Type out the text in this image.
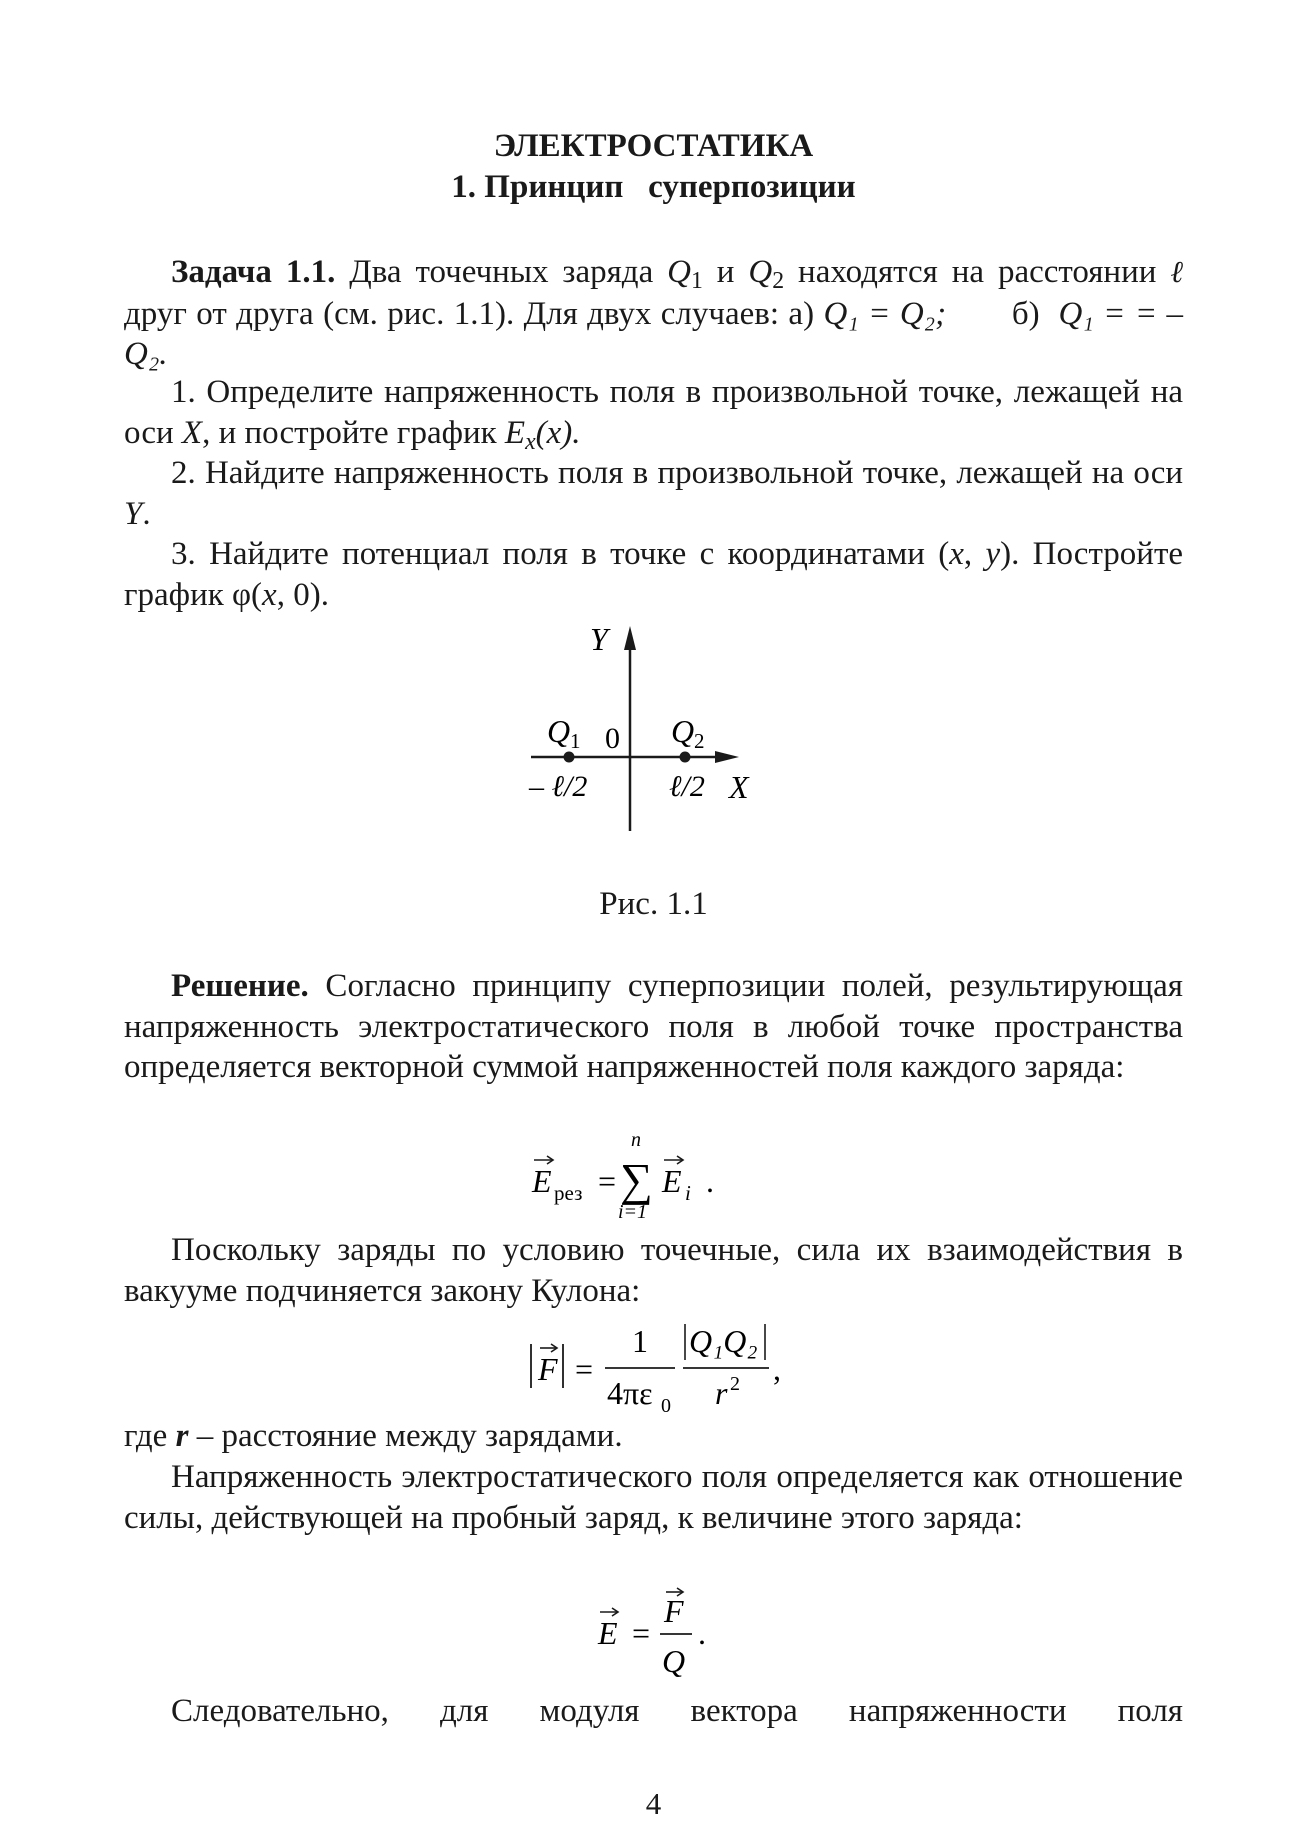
ЭЛЕКТРОСТАТИКА
1. Принцип   суперпозиции
Задача 1.1. Два точечных заряда $Q_1$ и $Q_2$ находятся на расстоянии ℓ друг от друга (см. рис. 1.1). Для двух случаев: а) Q₁ = Q₂; б) Q₁ = = – Q₂.
1. Определите напряженность поля в произвольной точке, лежащей на оси X, и постройте график $E_x(x)$.
2. Найдите напряженность поля в произвольной точке, лежащей на оси Y.
3. Найдите потенциал поля в точке с координатами (x, y). Постройте график φ(x, 0).
Y
X
0
Q 1	Q 2
– ℓ/2	ℓ/2
Рис. 1.1
Решение. Согласно принципу суперпозиции полей, результирующая напряженность электростатического поля в любой точке пространства определяется векторной суммой напряженностей поля каждого заряда:
E рез =
n
∑
i=1
E i .
Поскольку заряды по условию точечные, сила их взаимодействия в вакууме подчиняется закону Кулона:
F =
1
4πε 0
Q₁Q₂
r 2 ,
где r – расстояние между зарядами.
Напряженность электростатического поля определяется как отношение силы, действующей на пробный заряд, к величине этого заряда:
E =
F
Q
.
Следовательно, для модуля вектора напряженности поля
4
